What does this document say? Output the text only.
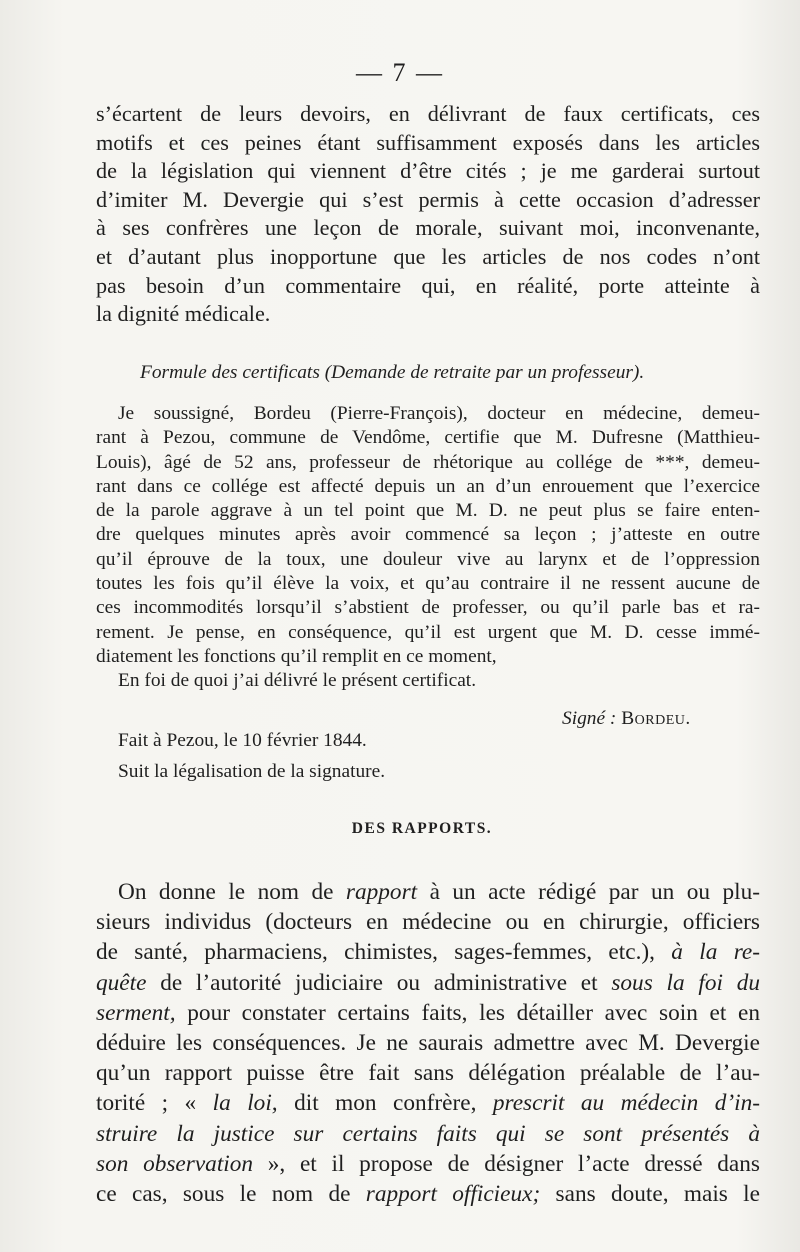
— 7 —
s’écartent de leurs devoirs, en délivrant de faux certificats, ces
motifs et ces peines étant suffisamment exposés dans les articles
de la législation qui viennent d’être cités ; je me garderai surtout
d’imiter M. Devergie qui s’est permis à cette occasion d’adresser
à ses confrères une leçon de morale, suivant moi, inconvenante,
et d’autant plus inopportune que les articles de nos codes n’ont
pas besoin d’un commentaire qui, en réalité, porte atteinte à
la dignité médicale.
Formule des certificats (Demande de retraite par un professeur).
Je soussigné, Bordeu (Pierre-François), docteur en médecine, demeu-
rant à Pezou, commune de Vendôme, certifie que M. Dufresne (Matthieu-
Louis), âgé de 52 ans, professeur de rhétorique au collége de ***, demeu-
rant dans ce collége est affecté depuis un an d’un enrouement que l’exercice
de la parole aggrave à un tel point que M. D. ne peut plus se faire enten-
dre quelques minutes après avoir commencé sa leçon ; j’atteste en outre
qu’il éprouve de la toux, une douleur vive au larynx et de l’oppression
toutes les fois qu’il élève la voix, et qu’au contraire il ne ressent aucune de
ces incommodités lorsqu’il s’abstient de professer, ou qu’il parle bas et ra-
rement. Je pense, en conséquence, qu’il est urgent que M. D. cesse immé-
diatement les fonctions qu’il remplit en ce moment,
En foi de quoi j’ai délivré le présent certificat.
Signé : Bordeu.
Fait à Pezou, le 10 février 1844.
Suit la légalisation de la signature.
DES RAPPORTS.
On donne le nom de rapport à un acte rédigé par un ou plu-
sieurs individus (docteurs en médecine ou en chirurgie, officiers
de santé, pharmaciens, chimistes, sages-femmes, etc.), à la re-
quête de l’autorité judiciaire ou administrative et sous la foi du
serment, pour constater certains faits, les détailler avec soin et en
déduire les conséquences. Je ne saurais admettre avec M. Devergie
qu’un rapport puisse être fait sans délégation préalable de l’au-
torité ; « la loi, dit mon confrère, prescrit au médecin d’in-
struire la justice sur certains faits qui se sont présentés à
son observation », et il propose de désigner l’acte dressé dans
ce cas, sous le nom de rapport officieux; sans doute, mais le
